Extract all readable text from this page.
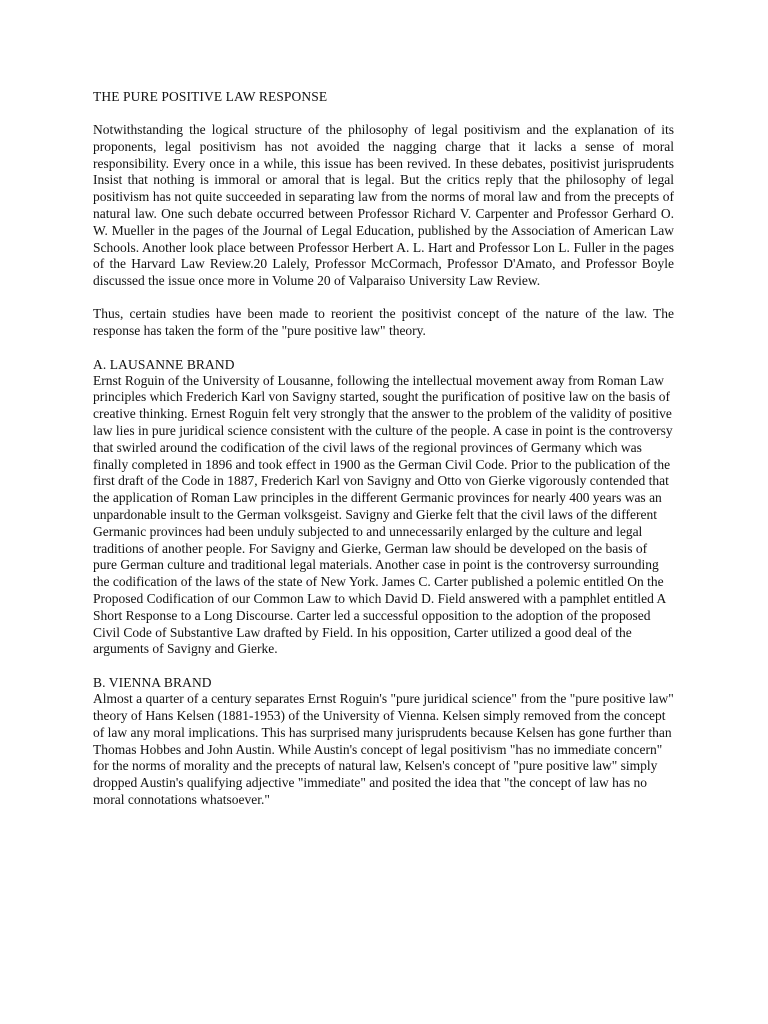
THE PURE POSITIVE LAW RESPONSE

Notwithstanding the logical structure of the philosophy of legal positivism and the explanation of its proponents, legal positivism has not avoided the nagging charge that it lacks a sense of moral responsibility. Every once in a while, this issue has been revived. In these debates, positivist jurisprudents Insist that nothing is immoral or amoral that is legal. But the critics reply that the philosophy of legal positivism has not quite succeeded in separating law from the norms of moral law and from the precepts of natural law. One such debate occurred between Professor Richard V. Carpenter and Professor Gerhard O. W. Mueller in the pages of the Journal of Legal Education, published by the Association of American Law Schools. Another look place between Professor Herbert A. L. Hart and Professor Lon L. Fuller in the pages of the Harvard Law Review.20 Lalely, Professor McCormach, Professor D'Amato, and Professor Boyle discussed the issue once more in Volume 20 of Valparaiso University Law Review.

Thus, certain studies have been made to reorient the positivist concept of the nature of the law. The response has taken the form of the "pure positive law" theory.

A. LAUSANNE BRAND

Ernst Roguin of the University of Lousanne, following the intellectual movement away from Roman Law principles which Frederich Karl von Savigny started, sought the purification of positive law on the basis of creative thinking. Ernest Roguin felt very strongly that the answer to the problem of the validity of positive law lies in pure juridical science consistent with the culture of the people. A case in point is the controversy that swirled around the codification of the civil laws of the regional provinces of Germany which was finally completed in 1896 and took effect in 1900 as the German Civil Code. Prior to the publication of the first draft of the Code in 1887, Frederich Karl von Savigny and Otto von Gierke vigorously contended that the application of Roman Law principles in the different Germanic provinces for nearly 400 years was an unpardonable insult to the German volksgeist. Savigny and Gierke felt that the civil laws of the different Germanic provinces had been unduly subjected to and unnecessarily enlarged by the culture and legal traditions of another people. For Savigny and Gierke, German law should be developed on the basis of pure German culture and traditional legal materials. Another case in point is the controversy surrounding the codification of the laws of the state of New York. James C. Carter published a polemic entitled On the Proposed Codification of our Common Law to which David D. Field answered with a pamphlet entitled A Short Response to a Long Discourse. Carter led a successful opposition to the adoption of the proposed Civil Code of Substantive Law drafted by Field. In his opposition, Carter utilized a good deal of the arguments of Savigny and Gierke.

B. VIENNA BRAND

Almost a quarter of a century separates Ernst Roguin's "pure juridical science" from the "pure positive law" theory of Hans Kelsen (1881-1953) of the University of Vienna. Kelsen simply removed from the concept of law any moral implications. This has surprised many jurisprudents because Kelsen has gone further than Thomas Hobbes and John Austin. While Austin's concept of legal positivism "has no immediate concern" for the norms of morality and the precepts of natural law, Kelsen's concept of "pure positive law" simply dropped Austin's qualifying adjective "immediate" and posited the idea that "the concept of law has no moral connotations whatsoever."
